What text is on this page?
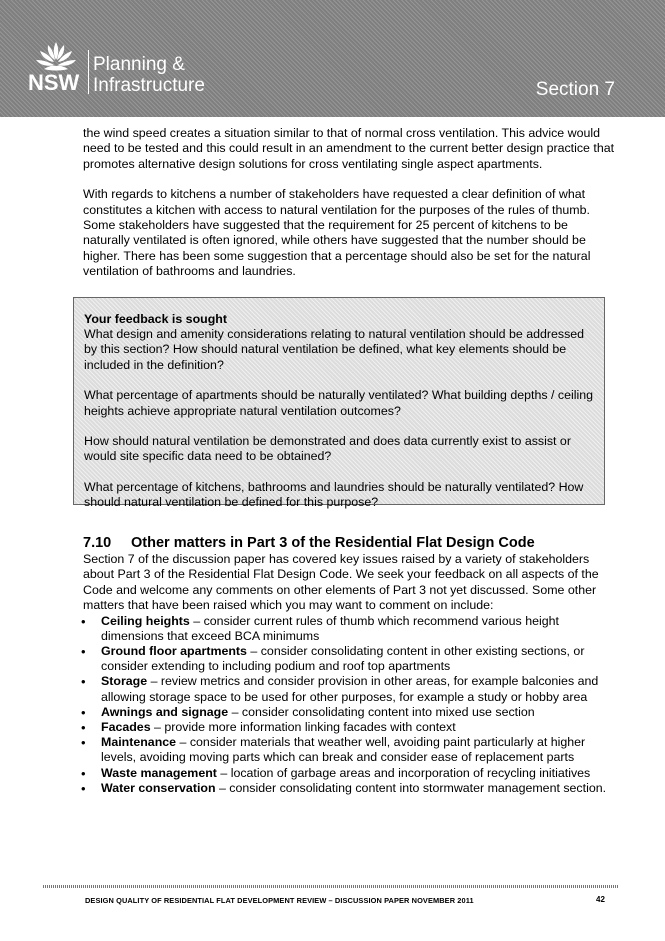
NSW
Planning &
Infrastructure	Section 7

the wind speed creates a situation similar to that of normal cross ventilation. This advice would need to be tested and this could result in an amendment to the current better design practice that promotes alternative design solutions for cross ventilating single aspect apartments.

With regards to kitchens a number of stakeholders have requested a clear definition of what constitutes a kitchen with access to natural ventilation for the purposes of the rules of thumb. Some stakeholders have suggested that the requirement for 25 percent of kitchens to be naturally ventilated is often ignored, while others have suggested that the number should be higher. There has been some suggestion that a percentage should also be set for the natural ventilation of bathrooms and laundries.

Your feedback is sought

What design and amenity considerations relating to natural ventilation should be addressed by this section? How should natural ventilation be defined, what key elements should be included in the definition?

What percentage of apartments should be naturally ventilated? What building depths / ceiling heights achieve appropriate natural ventilation outcomes?

How should natural ventilation be demonstrated and does data currently exist to assist or would site specific data need to be obtained?

What percentage of kitchens, bathrooms and laundries should be naturally ventilated? How should natural ventilation be defined for this purpose?

7.10 Other matters in Part 3 of the Residential Flat Design Code

Section 7 of the discussion paper has covered key issues raised by a variety of stakeholders about Part 3 of the Residential Flat Design Code. We seek your feedback on all aspects of the Code and welcome any comments on other elements of Part 3 not yet discussed. Some other matters that have been raised which you may want to comment on include:

• Ceiling heights – consider current rules of thumb which recommend various height dimensions that exceed BCA minimums
• Ground floor apartments – consider consolidating content in other existing sections, or consider extending to including podium and roof top apartments
• Storage – review metrics and consider provision in other areas, for example balconies and allowing storage space to be used for other purposes, for example a study or hobby area
• Awnings and signage – consider consolidating content into mixed use section
• Facades – provide more information linking facades with context
• Maintenance – consider materials that weather well, avoiding paint particularly at higher levels, avoiding moving parts which can break and consider ease of replacement parts
• Waste management – location of garbage areas and incorporation of recycling initiatives
• Water conservation – consider consolidating content into stormwater management section.
DESIGN QUALITY OF RESIDENTIAL FLAT DEVELOPMENT REVIEW – DISCUSSION PAPER NOVEMBER 2011	42
